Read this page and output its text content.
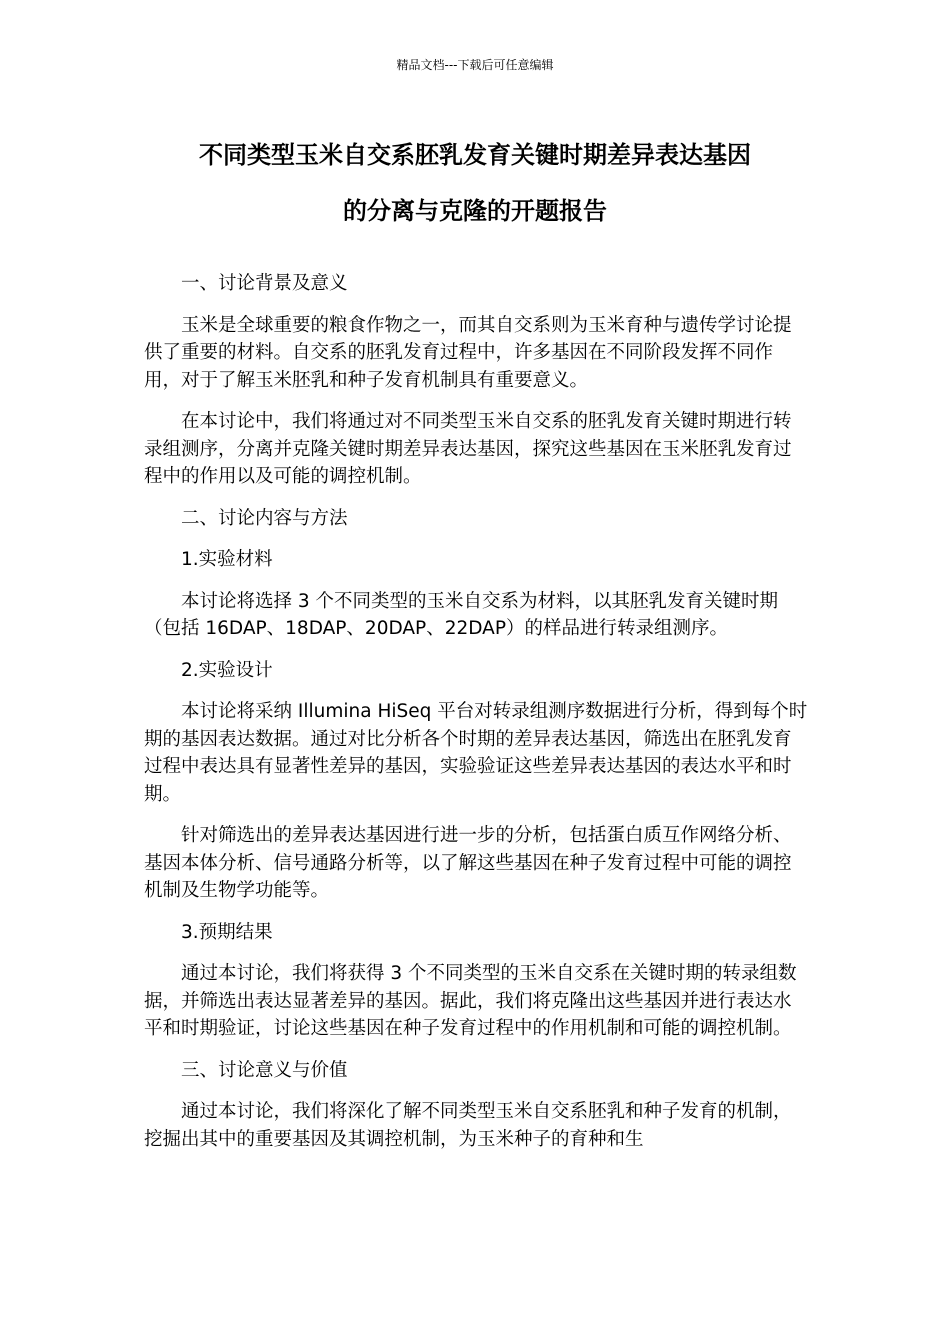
精品文档---下载后可任意编辑
不同类型玉米自交系胚乳发育关键时期差异表达基因
的分离与克隆的开题报告

一、讨论背景及意义

玉米是全球重要的粮食作物之一，而其自交系则为玉米育种与遗传学讨论提供了重要的材料。自交系的胚乳发育过程中，许多基因在不同阶段发挥不同作用，对于了解玉米胚乳和种子发育机制具有重要意义。

在本讨论中，我们将通过对不同类型玉米自交系的胚乳发育关键时期进行转录组测序，分离并克隆关键时期差异表达基因，探究这些基因在玉米胚乳发育过程中的作用以及可能的调控机制。

二、讨论内容与方法

1.实验材料

本讨论将选择 3 个不同类型的玉米自交系为材料，以其胚乳发育关键时期（包括 16DAP、18DAP、20DAP、22DAP）的样品进行转录组测序。

2.实验设计

本讨论将采纳 Illumina HiSeq 平台对转录组测序数据进行分析，得到每个时期的基因表达数据。通过对比分析各个时期的差异表达基因，筛选出在胚乳发育过程中表达具有显著性差异的基因，实验验证这些差异表达基因的表达水平和时期。

针对筛选出的差异表达基因进行进一步的分析，包括蛋白质互作网络分析、基因本体分析、信号通路分析等，以了解这些基因在种子发育过程中可能的调控机制及生物学功能等。

3.预期结果

通过本讨论，我们将获得 3 个不同类型的玉米自交系在关键时期的转录组数据，并筛选出表达显著差异的基因。据此，我们将克隆出这些基因并进行表达水平和时期验证，讨论这些基因在种子发育过程中的作用机制和可能的调控机制。

三、讨论意义与价值

通过本讨论，我们将深化了解不同类型玉米自交系胚乳和种子发育的机制，挖掘出其中的重要基因及其调控机制，为玉米种子的育种和生
